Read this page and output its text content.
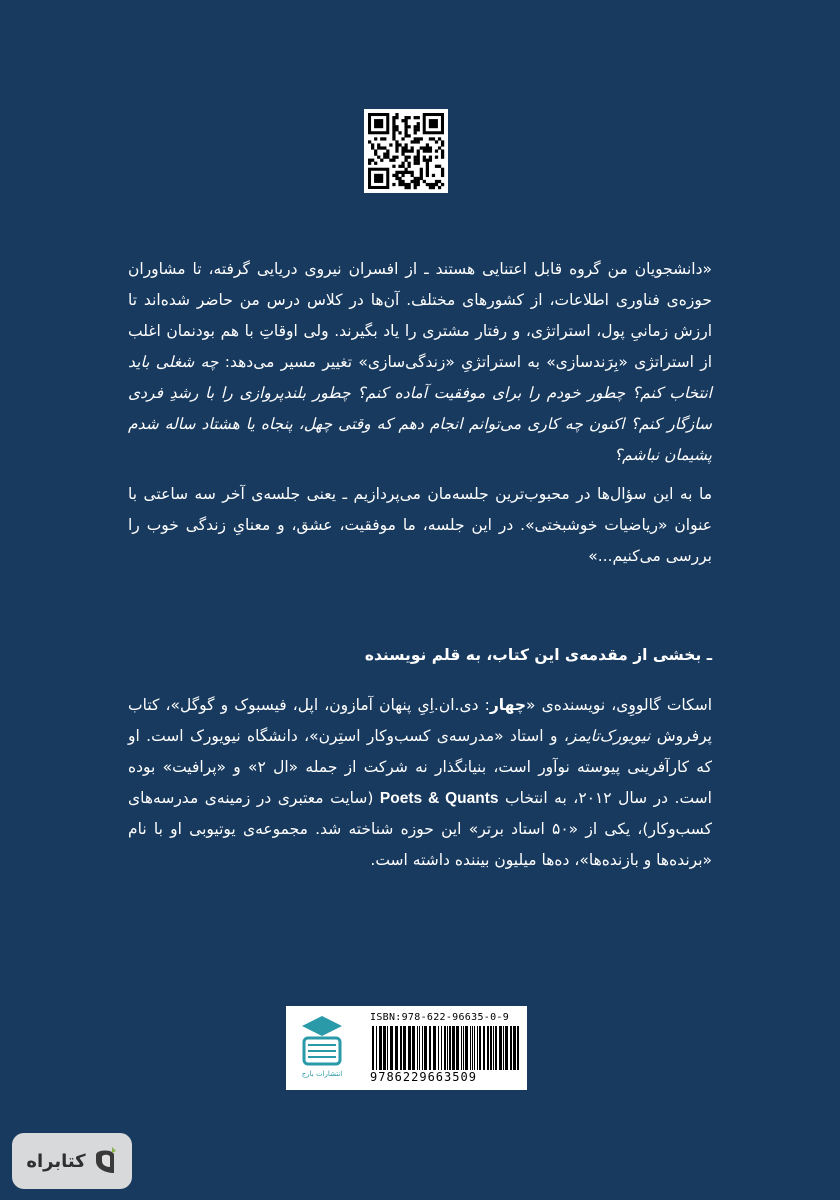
«دانشجویان من گروه قابل اعتنایی هستند ـ از افسران نیروی دریایی گرفته، تا مشاوران حوزه‌ی فناوری اطلاعات، از کشورهای مختلف. آن‌ها در کلاس درس من حاضر شده‌اند تا ارزش زمانیِ پول، استراتژی، و رفتار مشتری را یاد بگیرند. ولی اوقاتِ با هم بودنمان اغلب از استراتژی «بِرَندسازی» به استراتژیِ «زندگی‌سازی» تغییر مسیر می‌دهد: چه شغلی باید انتخاب کنم؟ چطور خودم را برای موفقیت آماده کنم؟ چطور بلندپروازی را با رشدِ فردی سازگار کنم؟ اکنون چه کاری می‌توانم انجام دهم که وقتی چهل، پنجاه یا هشتاد ساله شدم پشیمان نباشم؟

ما به این سؤال‌ها در محبوب‌ترین جلسه‌مان می‌پردازیم ـ یعنی جلسه‌ی آخر سه ساعتی با عنوان «ریاضیات خوشبختی». در این جلسه، ما موفقیت، عشق، و معنایِ زندگی خوب را بررسی می‌کنیم...»

ـ بخشی از مقدمه‌ی این کتاب، به قلم نویسنده

اسکات گالووِی، نویسنده‌ی «چهار: دی.ان.اِیِ پنهان آمازون، اپل، فیسبوک و گوگل»، کتاب پرفروش نیویورک‌تایمز، و استاد «مدرسه‌ی کسب‌وکار استِرن»، دانشگاه نیویورک است. او که کارآفرینی پیوسته نوآور است، بنیانگذار نه شرکت از جمله «ال ۲» و «پرافیت» بوده است. در سال ۲۰۱۲، به انتخاب Poets & Quants (سایت معتبری در زمینه‌ی مدرسه‌های کسب‌وکار)، یکی از «۵۰ استاد برتر» این حوزه شناخته شد. مجموعه‌ی یوتیوبی او با نام «برنده‌ها و بازنده‌ها»، ده‌ها میلیون بیننده داشته است.

انتشارات بارج
ISBN:978-622-96635-0-9
9786229663509
کتابراه
